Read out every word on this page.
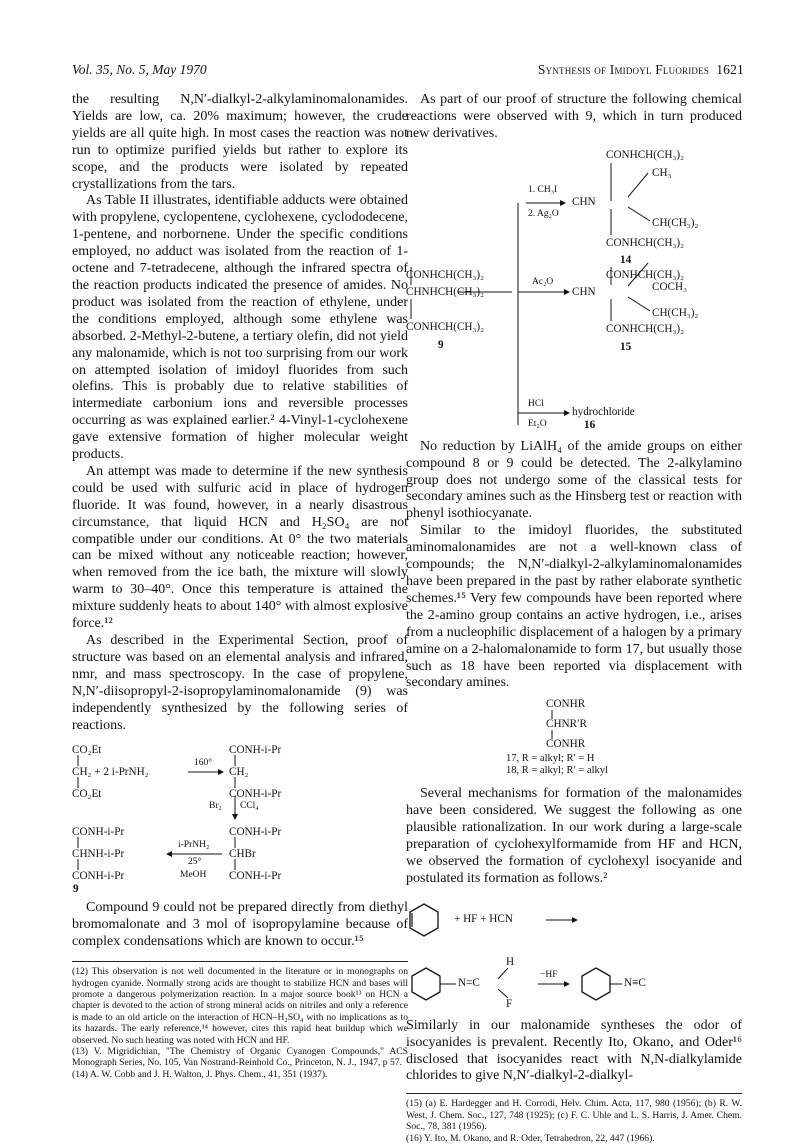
Vol. 35, No. 5, May 1970	Synthesis of Imidoyl Fluorides 1621

the resulting N,N′-dialkyl-2-alkylaminomalonamides. Yields are low, ca. 20% maximum; however, the crude yields are all quite high. In most cases the reaction was not run to optimize purified yields but rather to explore its scope, and the products were isolated by repeated crystallizations from the tars.

As Table II illustrates, identifiable adducts were obtained with propylene, cyclopentene, cyclohexene, cyclododecene, 1-pentene, and norbornene. Under the specific conditions employed, no adduct was isolated from the reaction of 1-octene and 7-tetradecene, although the infrared spectra of the reaction products indicated the presence of amides. No product was isolated from the reaction of ethylene, under the conditions employed, although some ethylene was absorbed. 2-Methyl-2-butene, a tertiary olefin, did not yield any malonamide, which is not too surprising from our work on attempted isolation of imidoyl fluorides from such olefins. This is probably due to relative stabilities of intermediate carbonium ions and reversible processes occurring as was explained earlier.² 4-Vinyl-1-cyclohexene gave extensive formation of higher molecular weight products.

An attempt was made to determine if the new synthesis could be used with sulfuric acid in place of hydrogen fluoride. It was found, however, in a nearly disastrous circumstance, that liquid HCN and H₂SO₄ are not compatible under our conditions. At 0° the two materials can be mixed without any noticeable reaction; however, when removed from the ice bath, the mixture will slowly warm to 30–40°. Once this temperature is attained the mixture suddenly heats to about 140° with almost explosive force.¹²

As described in the Experimental Section, proof of structure was based on an elemental analysis and infrared, nmr, and mass spectroscopy. In the case of propylene, N,N′-diisopropyl-2-isopropylaminomalonamide (9) was independently synthesized by the following series of reactions.

CO₂Et
CH₂ + 2 i-PrNH₂
CO₂Et
160°
CONH-i-Pr
CH₂
CONH-i-Pr
Br₂ CCl₄
CONH-i-Pr
CHNH-i-Pr
CONH-i-Pr
9
i-PrNH₂
25°
MeOH
CONH-i-Pr
CHBr
CONH-i-Pr

Compound 9 could not be prepared directly from diethyl bromomalonate and 3 mol of isopropylamine because of complex condensations which are known to occur.¹⁵

(12) This observation is not well documented in the literature or in monographs on hydrogen cyanide. Normally strong acids are thought to stabilize HCN and bases will promote a dangerous polymerization reaction. In a major source book¹³ on HCN a chapter is devoted to the action of strong mineral acids on nitriles and only a reference is made to an old article on the interaction of HCN–H₂SO₄ with no implications as to its hazards. The early reference,¹⁴ however, cites this rapid heat buildup which we observed. No such heating was noted with HCN and HF.

(13) V. Migridichian, "The Chemistry of Organic Cyanogen Compounds," ACS Monograph Series, No. 105, Van Nostrand-Reinhold Co., Princeton, N. J., 1947, p 57.

(14) A. W. Cobb and J. H. Walton, J. Phys. Chem., 41, 351 (1937).

As part of our proof of structure the following chemical reactions were observed with 9, which in turn produced new derivatives.

CONHCH(CH₃)₂
CH₃
1. CH₃I
CHN
2. Ag₂O
CH(CH₃)₂
CONHCH(CH₃)₂
14
CONHCH(CH₃)₂
CHNHCH(CH₃)₂
CONHCH(CH₃)₂
9
CONHCH(CH₃)₂
COCH₃
Ac₂O
CHN
CH(CH₃)₂
CONHCH(CH₃)₂
15
HCl
hydrochloride
Et₂O	16

No reduction by LiAlH₄ of the amide groups on either compound 8 or 9 could be detected. The 2-alkylamino group does not undergo some of the classical tests for secondary amines such as the Hinsberg test or reaction with phenyl isothiocyanate.

Similar to the imidoyl fluorides, the substituted aminomalonamides are not a well-known class of compounds; the N,N′-dialkyl-2-alkylaminomalonamides have been prepared in the past by rather elaborate synthetic schemes.¹⁵ Very few compounds have been reported where the 2-amino group contains an active hydrogen, i.e., arises from a nucleophilic displacement of a halogen by a primary amine on a 2-halomalonamide to form 17, but usually those such as 18 have been reported via displacement with secondary amines.

CONHR
CHNR′R
CONHR
17, R = alkyl; R′ = H
18, R = alkyl; R′ = alkyl

Several mechanisms for formation of the malonamides have been considered. We suggest the following as one plausible rationalization. In our work during a large-scale preparation of cyclohexylformamide from HF and HCN, we observed the formation of cyclohexyl isocyanide and postulated its formation as follows.²

+ HF + HCN
H
N=C
F
−HF
N≡C

Similarly in our malonamide syntheses the odor of isocyanides is prevalent. Recently Ito, Okano, and Oder¹⁶ disclosed that isocyanides react with N,N-dialkylamide chlorides to give N,N′-dialkyl-2-dialkyl-

(15) (a) E. Hardegger and H. Corrodi, Helv. Chim. Acta, 117, 980 (1956); (b) R. W. West, J. Chem. Soc., 127, 748 (1925); (c) F. C. Uhle and L. S. Harris, J. Amer. Chem. Soc., 78, 381 (1956).

(16) Y. Ito, M. Okano, and R. Oder, Tetrahedron, 22, 447 (1966).
